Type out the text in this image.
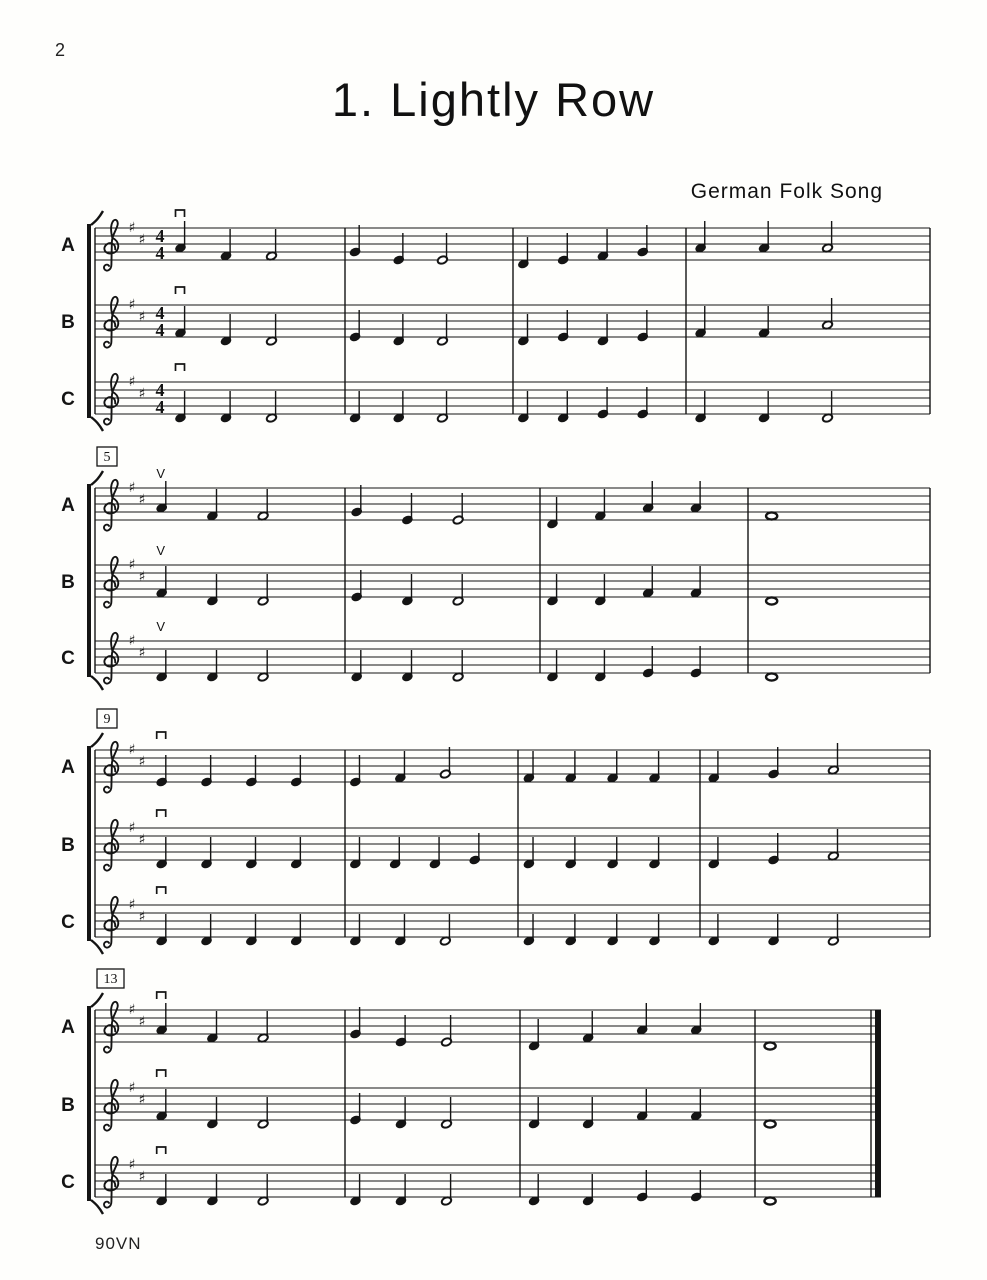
2
1. Lightly Row
German Folk Song
A
♯
♯ 4
4
B
♯
♯ 4
4
C
♯
♯ 4
4
5
A
♯
♯
V
B
♯
♯
V
C
♯
♯
V
9
A
♯
♯
B
♯
♯
C
♯
♯
13
A
♯
♯
B
♯
♯
C
♯
♯
90VN
